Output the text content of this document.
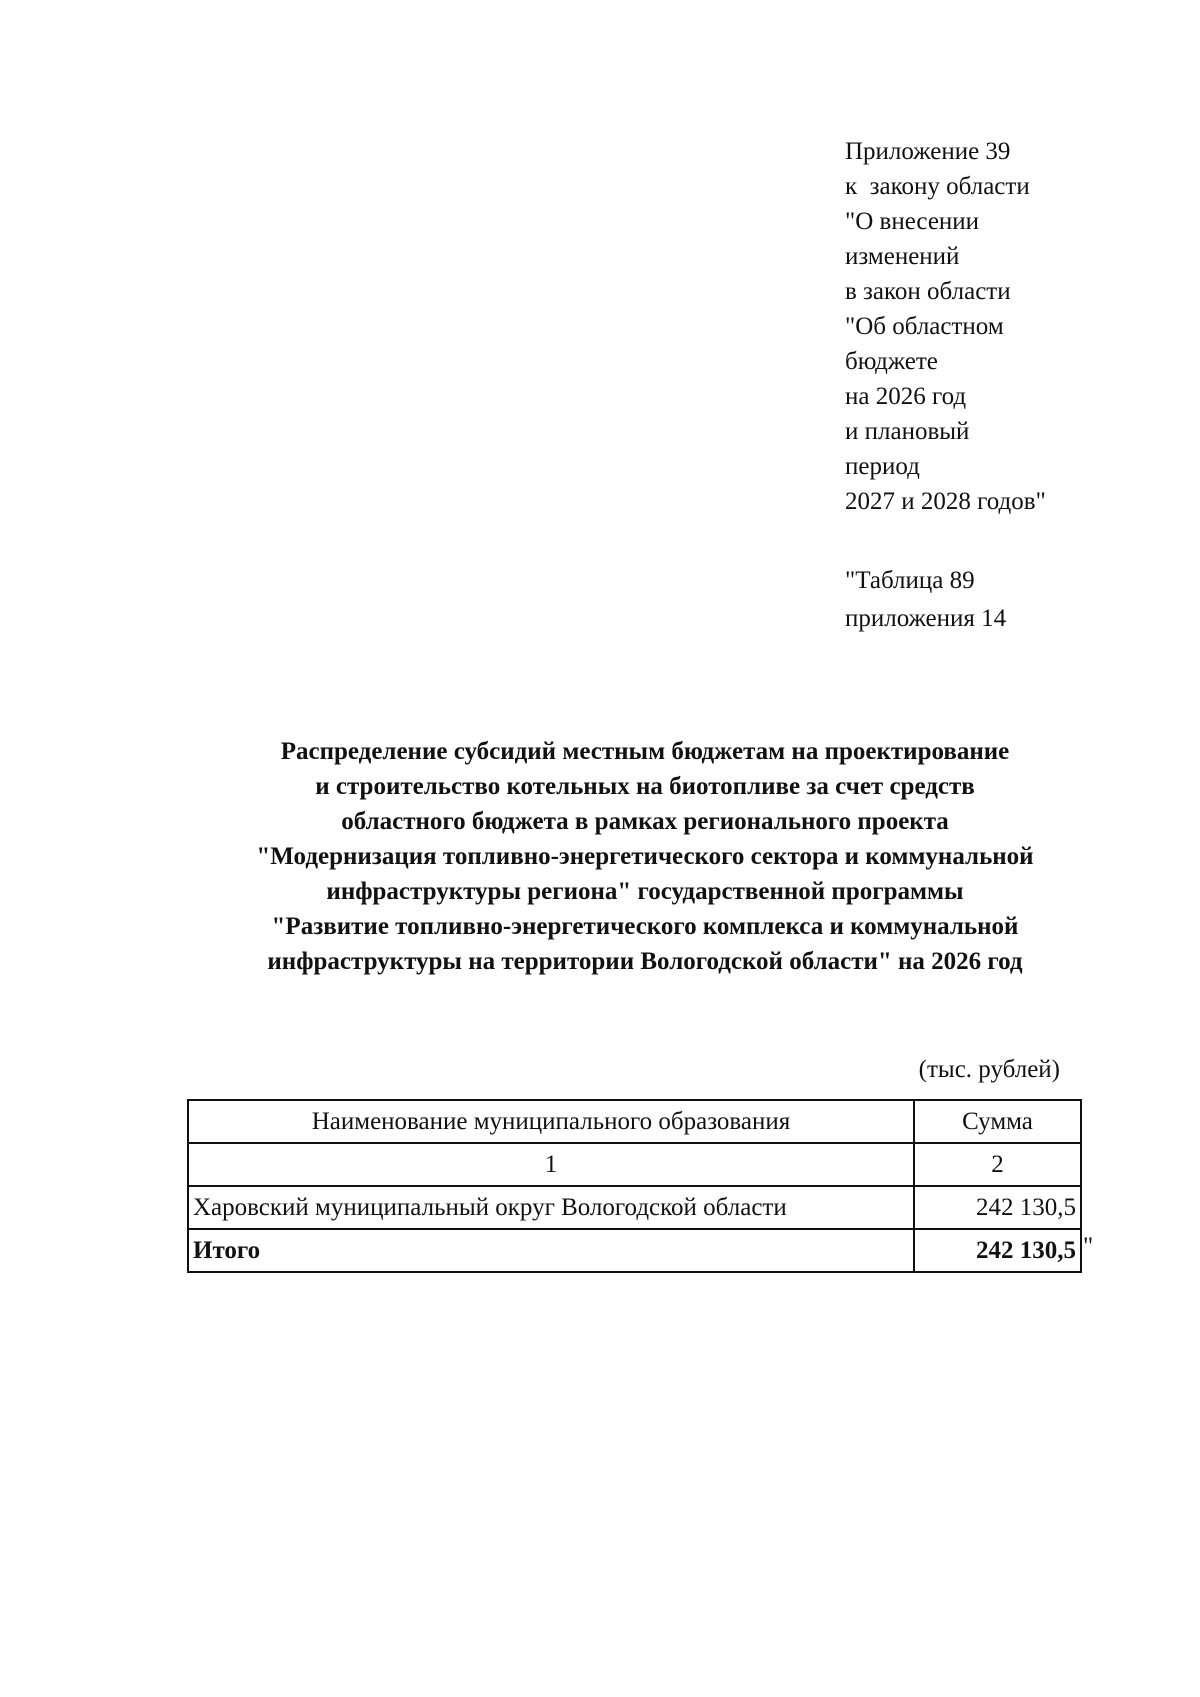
Приложение 39
к  закону области
"О внесении
изменений
в закон области
"Об областном
бюджете
на 2026 год
и плановый
период
2027 и 2028 годов"
"Таблица 89
приложения 14
Распределение субсидий местным бюджетам на проектирование
и строительство котельных на биотопливе за счет средств
областного бюджета в рамках регионального проекта
"Модернизация топливно-энергетического сектора и коммунальной
инфраструктуры региона" государственной программы
"Развитие топливно-энергетического комплекса и коммунальной
инфраструктуры на территории Вологодской области" на 2026 год
(тыс. рублей)
Наименование муниципального образования	Сумма
1	2
Харовский муниципальный округ Вологодской области	242 130,5
Итого	242 130,5 "
